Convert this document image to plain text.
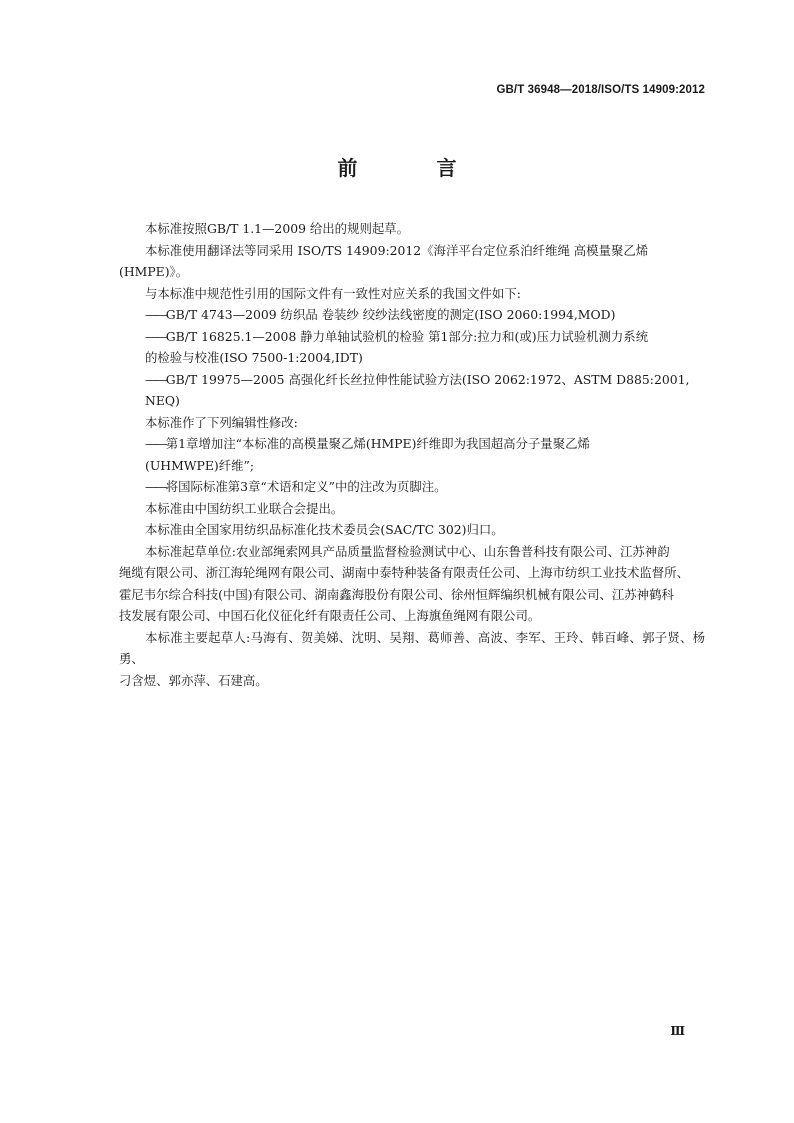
GB/T 36948—2018/ISO/TS 14909:2012
前 言

本标准按照GB/T 1.1—2009 给出的规则起草。

本标准使用翻译法等同采用 ISO/TS 14909:2012《海洋平台定位系泊纤维绳 高模量聚乙烯

(HMPE)》。

与本标准中规范性引用的国际文件有一致性对应关系的我国文件如下:

——GB/T 4743—2009 纺织品 卷装纱 绞纱法线密度的测定(ISO 2060:1994,MOD)

——GB/T 16825.1—2008 静力单轴试验机的检验 第1部分:拉力和(或)压力试验机测力系统

的检验与校准(ISO 7500-1:2004,IDT)

——GB/T 19975—2005 高强化纤长丝拉伸性能试验方法(ISO 2062:1972、ASTM D885:2001,

NEQ)

本标准作了下列编辑性修改:

——第1章增加注“本标准的高模量聚乙烯(HMPE)纤维即为我国超高分子量聚乙烯

(UHMWPE)纤维”;

——将国际标准第3章“术语和定义”中的注改为页脚注。

本标准由中国纺织工业联合会提出。

本标准由全国家用纺织品标准化技术委员会(SAC/TC 302)归口。

本标准起草单位:农业部绳索网具产品质量监督检验测试中心、山东鲁普科技有限公司、江苏神韵

绳缆有限公司、浙江海轮绳网有限公司、湖南中泰特种装备有限责任公司、上海市纺织工业技术监督所、

霍尼韦尔综合科技(中国)有限公司、湖南鑫海股份有限公司、徐州恒辉编织机械有限公司、江苏神鹤科

技发展有限公司、中国石化仪征化纤有限责任公司、上海旗鱼绳网有限公司。

本标准主要起草人:马海有、贺美娣、沈明、吴翔、葛师善、高波、李军、王玲、韩百峰、郭子贤、杨勇、

刁含煜、郭亦萍、石建高。

Ⅲ
